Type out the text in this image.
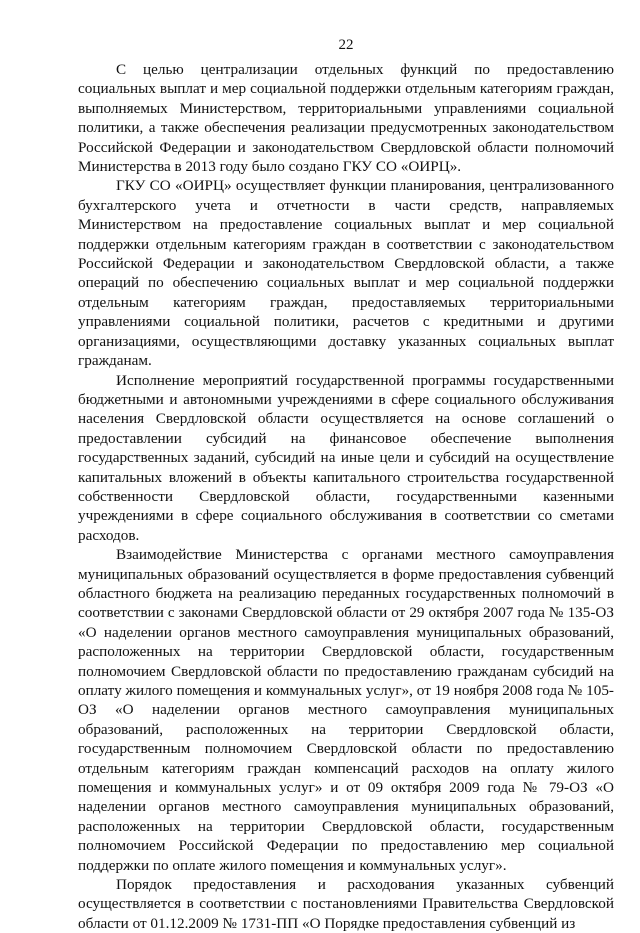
22

С целью централизации отдельных функций по предоставлению социальных выплат и мер социальной поддержки отдельным категориям граждан, выполняемых Министерством, территориальными управлениями социальной политики, а также обеспечения реализации предусмотренных законодательством Российской Федерации и законодательством Свердловской области полномочий Министерства в 2013 году было создано ГКУ СО «ОИРЦ».

ГКУ СО «ОИРЦ» осуществляет функции планирования, централизованного бухгалтерского учета и отчетности в части средств, направляемых Министерством на предоставление социальных выплат и мер социальной поддержки отдельным категориям граждан в соответствии с законодательством Российской Федерации и законодательством Свердловской области, а также операций по обеспечению социальных выплат и мер социальной поддержки отдельным категориям граждан, предоставляемых территориальными управлениями социальной политики, расчетов с кредитными и другими организациями, осуществляющими доставку указанных социальных выплат гражданам.

Исполнение мероприятий государственной программы государственными бюджетными и автономными учреждениями в сфере социального обслуживания населения Свердловской области осуществляется на основе соглашений о предоставлении субсидий на финансовое обеспечение выполнения государственных заданий, субсидий на иные цели и субсидий на осуществление капитальных вложений в объекты капитального строительства государственной собственности Свердловской области, государственными казенными учреждениями в сфере социального обслуживания в соответствии со сметами расходов.

Взаимодействие Министерства с органами местного самоуправления муниципальных образований осуществляется в форме предоставления субвенций областного бюджета на реализацию переданных государственных полномочий в соответствии с законами Свердловской области от 29 октября 2007 года № 135-ОЗ «О наделении органов местного самоуправления муниципальных образований, расположенных на территории Свердловской области, государственным полномочием Свердловской области по предоставлению гражданам субсидий на оплату жилого помещения и коммунальных услуг», от 19 ноября 2008 года № 105-ОЗ «О наделении органов местного самоуправления муниципальных образований, расположенных на территории Свердловской области, государственным полномочием Свердловской области по предоставлению отдельным категориям граждан компенсаций расходов на оплату жилого помещения и коммунальных услуг» и от 09 октября 2009 года № 79-ОЗ «О наделении органов местного самоуправления муниципальных образований, расположенных на территории Свердловской области, государственным полномочием Российской Федерации по предоставлению мер социальной поддержки по оплате жилого помещения и коммунальных услуг».

Порядок предоставления и расходования указанных субвенций осуществляется в соответствии с постановлениями Правительства Свердловской области от 01.12.2009 № 1731-ПП «О Порядке предоставления субвенций из
